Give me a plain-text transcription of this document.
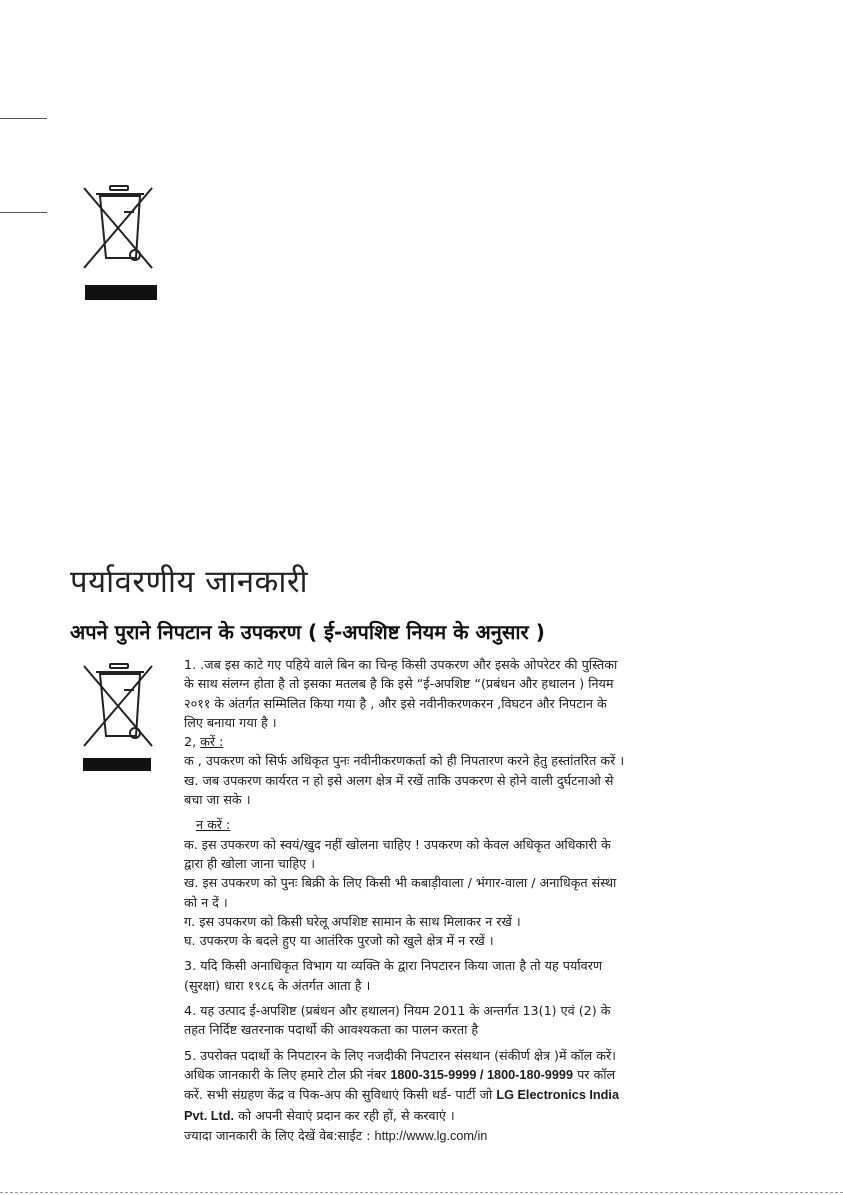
पर्यावरणीय जानकारी
अपने पुराने निपटान के उपकरण ( ई-अपशिष्ट नियम के अनुसार )

1. .जब इस काटे गए पहिये वाले बिन का चिन्ह किसी उपकरण और इसके ओपरेटर की पुस्तिका के साथ संलग्न होता है तो इसका मतलब है कि इसे “ई-अपशिष्ट “(प्रबंधन और हथालन ) नियम २०११ के अंतर्गत सम्मिलित किया गया है , और इसे नवीनीकरणकरन ,विघटन और निपटान के लिए बनाया गया है ।

2, करें :

क , उपकरण को सिर्फ अधिकृत पुनः नवीनीकरणकर्ता को ही निपतारण करने हेतु हस्तांतरित करें ।

ख. जब उपकरण कार्यरत न हो इसे अलग क्षेत्र में रखें ताकि उपकरण से होने वाली दुर्घटनाओ से बचा जा सके ।

न करें :

क. इस उपकरण को स्वयं/खुद नहीं खोलना चाहिए ! उपकरण को केवल अधिकृत अधिकारी के द्वारा ही खोला जाना चाहिए ।

ख. इस उपकरण को पुनः बिक्री के लिए किसी भी कबाड़ीवाला / भंगार-वाला / अनाधिकृत संस्था को न दें ।

ग. इस उपकरण को किसी घरेलू अपशिष्ट सामान के साथ मिलाकर न रखें ।

घ. उपकरण के बदले हुए या आतंरिक पुरजो को खुले क्षेत्र में न रखें ।

3. यदि किसी अनाधिकृत विभाग या व्यक्ति के द्वारा निपटारन किया जाता है तो यह पर्यावरण (सुरक्षा) धारा १९८६ के अंतर्गत आता है ।

4. यह उत्पाद ई-अपशिष्ट (प्रबंधन और हथालन) नियम 2011 के अन्तर्गत 13(1) एवं (2) के तहत निर्दिष्ट खतरनाक पदार्थो की आवश्यकता का पालन करता है

5. उपरोक्त पदार्थो के निपटारन के लिए नजदीकी निपटारन संसथान (संकीर्ण क्षेत्र )में कॉल करें। अधिक जानकारी के लिए हमारे टोल फ्री नंबर 1800-315-9999 / 1800-180-9999 पर कॉल करें. सभी संग्रहण केंद्र व पिक-अप की सुविधाएं किसी थर्ड- पार्टी जो LG Electronics India Pvt. Ltd. को अपनी सेवाएं प्रदान कर रही हों, से करवाएं ।

ज्यादा जानकारी के लिए देखें वेब:साईट : http://www.lg.com/in
